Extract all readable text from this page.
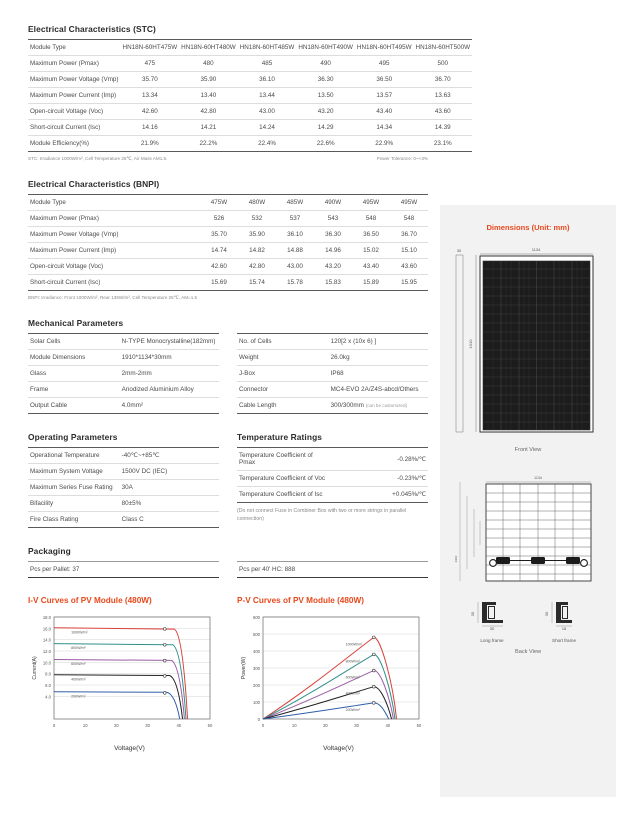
Dimensions (Unit: mm)
30
1910
1134
Front View
1134
1910
30
30
Long frame
30
18
Short frame
Back View
Electrical Characteristics (STC)
Module Type	HN18N-60HT475W	HN18N-60HT480W	HN18N-60HT485W	HN18N-60HT490W	HN18N-60HT495W	HN18N-60HT500W
Maximum Power (Pmax)	475	480	485	490	495	500
Maximum Power Voltage (Vmp)	35.70	35.90	36.10	36.30	36.50	36.70
Maximum Power Current (Imp)	13.34	13.40	13.44	13.50	13.57	13.63
Open-circuit Voltage (Voc)	42.60	42.80	43.00	43.20	43.40	43.60
Short-circuit Current (Isc)	14.16	14.21	14.24	14.29	14.34	14.39
Module Efficiency(%)	21.9%	22.2%	22.4%	22.6%	22.9%	23.1%
STC: Irradiance 1000W/m², Cell Temperature 25℃, Air Mass AM1.5.	Power Tolerance: 0~+3%
Electrical Characteristics (BNPI)
Module Type	475W	480W	485W	490W	495W	495W
Maximum Power (Pmax)	526	532	537	543	548	548
Maximum Power Voltage (Vmp)	35.70	35.90	36.10	36.30	36.50	36.70
Maximum Power Current (Imp)	14.74	14.82	14.88	14.96	15.02	15.10
Open-circuit Voltage (Voc)	42.60	42.80	43.00	43.20	43.40	43.60
Short-circuit Current (Isc)	15.69	15.74	15.78	15.83	15.89	15.95
BNPI: Irradiance: Front 1000W/m², Rear 135W/m², Cell Temperature 25℃, AM=1.5
Mechanical Parameters
Solar Cells	N-TYPE Monocrystalline(182mm)
Module Dimensions	1910*1134*30mm
Glass	2mm-2mm
Frame	Anodized Aluminium Alloy
Output Cable	4.0mm²
No. of Cells	120[2 x (10x 6) ]
Weight	26.0kg
J-Box	IP68
Connector	MC4-EVO 2A/Z4S-abcd/Others
Cable Length	300/300mm (can be customized)
Operating Parameters
Operational Temperature	-40℃~+85℃
Maximum System Voltage	1500V DC (IEC)
Maximum Series Fuse Rating	30A
Bifacility	80±5%
Fire Class Rating	Class C
Temperature Ratings
Temperature Coefficient of Pmax	-0.28%/℃
Temperature Coefficient of Voc	-0.23%/℃
Temperature Coefficient of Isc	+0.045%/℃
(Do not connect Fuse in Combiner Box with two or more strings in parallel connection)
Packaging
Pcs per Pallet: 37	Pcs per 40' HC: 888
I-V Curves of PV Module (480W)
4.0
6.0
8.0
10.0
12.0
14.0
16.0
18.0
0	10	20	30	40	50
1000W/m²
800W/m²
600W/m²
400W/m²
200W/m²
Current(A)
Voltage(V)
P-V Curves of PV Module (480W)
0
100
200
300
400
500
600
0	10	20	30	40	50
1000W/m²
800W/m²
600W/m²
400W/m²
200W/m²
Power(W)
Voltage(V)
